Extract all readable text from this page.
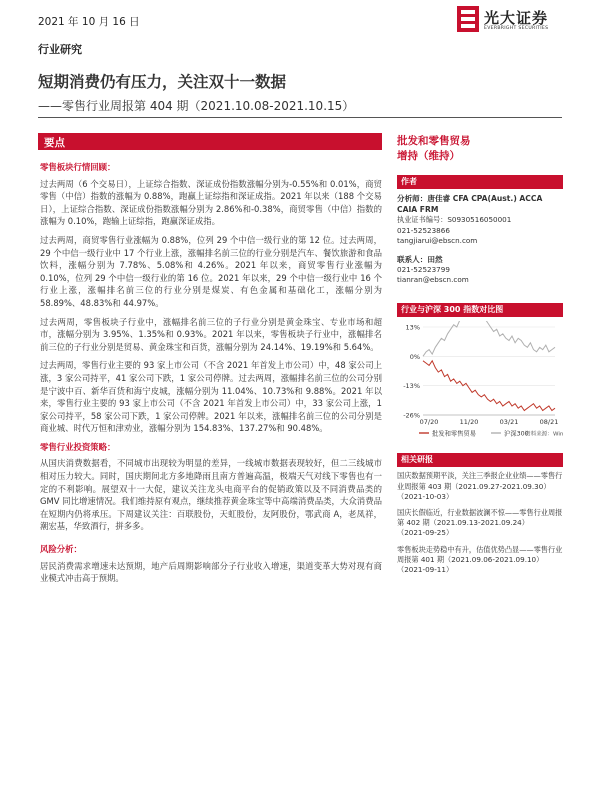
2021 年 10 月 16 日	光大证券
EVERBRIGHT SECURITIES
行业研究
短期消费仍有压力，关注双十一数据
——零售行业周报第 404 期（2021.10.08-2021.10.15）
要点
零售板块行情回顾：

过去两周（6 个交易日），上证综合指数、深证成份指数涨幅分别为-0.55%和 0.01%，商贸零售（中信）指数的涨幅为 0.88%，跑赢上证综指和深证成指。2021 年以来（188 个交易日），上证综合指数、深证成份指数涨幅分别为 2.86%和-0.38%，商贸零售（中信）指数的涨幅为 0.10%，跑输上证综指，跑赢深证成指。

过去两周，商贸零售行业涨幅为 0.88%，位列 29 个中信一级行业的第 12 位。过去两周，29 个中信一级行业中 17 个行业上涨，涨幅排名前三位的行业分别是汽车、餐饮旅游和食品饮料，涨幅分别为 7.78%、5.08%和 4.26%。2021 年以来，商贸零售行业涨幅为 0.10%，位列 29 个中信一级行业的第 16 位。2021 年以来，29 个中信一级行业中 16 个行业上涨，涨幅排名前三位的行业分别是煤炭、有色金属和基础化工，涨幅分别为 58.89%、48.83%和 44.97%。

过去两周，零售板块子行业中，涨幅排名前三位的子行业分别是黄金珠宝、专业市场和超市，涨幅分别为 3.95%、1.35%和 0.93%。2021 年以来，零售板块子行业中，涨幅排名前三位的子行业分别是贸易、黄金珠宝和百货，涨幅分别为 24.14%、19.19%和 5.64%。

过去两周，零售行业主要的 93 家上市公司（不含 2021 年首发上市公司）中，48 家公司上涨，3 家公司持平，41 家公司下跌，1 家公司停牌。过去两周，涨幅排名前三位的公司分别是宁波中百、新华百货和海宁皮城，涨幅分别为 11.04%、10.73%和 9.88%。2021 年以来，零售行业主要的 93 家上市公司（不含 2021 年首发上市公司）中，33 家公司上涨，1 家公司持平，58 家公司下跌，1 家公司停牌。2021 年以来，涨幅排名前三位的公司分别是商业城、时代万恒和津劝业，涨幅分别为 154.83%、137.27%和 90.48%。

零售行业投资策略：

从国庆消费数据看，不同城市出现较为明显的差异，一线城市数据表现较好，但二三线城市相对压力较大。同时，国庆期间北方多地降雨且南方普遍高温，极端天气对线下零售也有一定的不利影响。展望双十一大促，建议关注龙头电商平台的促销政策以及不同消费品类的 GMV 同比增速情况。我们维持原有观点，继续推荐黄金珠宝等中高端消费品类，大众消费品在短期内仍将承压。下周建议关注：百联股份，天虹股份，友阿股份，鄂武商 A，老凤祥，潮宏基，华致酒行，拼多多。

风险分析：

居民消费需求增速未达预期，地产后周期影响部分子行业收入增速，渠道变革大势对现有商业模式冲击高于预期。

批发和零售贸易
增持（维持）
作者
分析师：唐佳睿 CFA CPA(Aust.) ACCA
CAIA FRM
执业证书编号：S0930516050001
021-52523866
tangjiarui@ebscn.com
联系人：田然
021-52523799
tianran@ebscn.com
行业与沪深 300 指数对比图
13%
0%
-13%
-26%
07/20	11/20	03/21	08/21
批发和零售贸易	沪深300
资料来源：Wind
相关研报
国庆数据预期平淡，关注三季报企业业绩——零售行业周报第 403 期（2021.09.27-2021.09.30）
（2021-10-03）
国庆长假临近，行业数据波澜不惊——零售行业周报第 402 期（2021.09.13-2021.09.24）
（2021-09-25）
零售板块走势稳中有升，估值优势凸显——零售行业周报第 401 期（2021.09.06-2021.09.10）
（2021-09-11）
